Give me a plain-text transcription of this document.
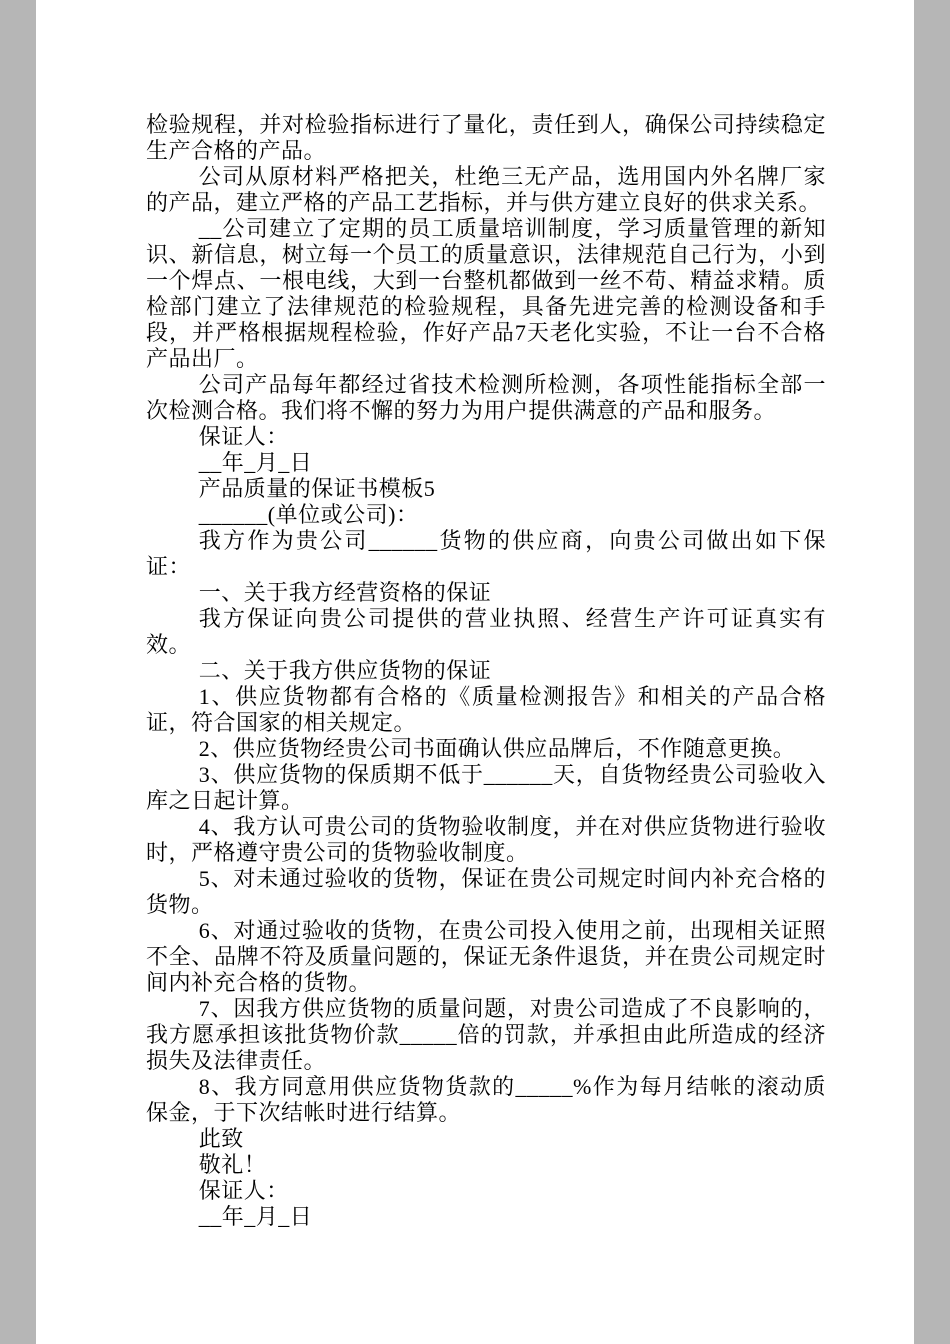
检验规程，并对检验指标进行了量化，责任到人，确保公司持续稳定生产合格的产品。

公司从原材料严格把关，杜绝三无产品，选用国内外名牌厂家的产品，建立严格的产品工艺指标，并与供方建立良好的供求关系。

__公司建立了定期的员工质量培训制度，学习质量管理的新知识、新信息，树立每一个员工的质量意识，法律规范自己行为，小到一个焊点、一根电线，大到一台整机都做到一丝不苟、精益求精。质检部门建立了法律规范的检验规程，具备先进完善的检测设备和手段，并严格根据规程检验，作好产品7天老化实验，不让一台不合格产品出厂。

公司产品每年都经过省技术检测所检测，各项性能指标全部一次检测合格。我们将不懈的努力为用户提供满意的产品和服务。

保证人：

__年_月_日

产品质量的保证书模板5

______(单位或公司)：

我方作为贵公司______货物的供应商，向贵公司做出如下保证：

一、关于我方经营资格的保证

我方保证向贵公司提供的营业执照、经营生产许可证真实有效。

二、关于我方供应货物的保证

1、供应货物都有合格的《质量检测报告》和相关的产品合格证，符合国家的相关规定。

2、供应货物经贵公司书面确认供应品牌后，不作随意更换。

3、供应货物的保质期不低于______天，自货物经贵公司验收入库之日起计算。

4、我方认可贵公司的货物验收制度，并在对供应货物进行验收时，严格遵守贵公司的货物验收制度。

5、对未通过验收的货物，保证在贵公司规定时间内补充合格的货物。

6、对通过验收的货物，在贵公司投入使用之前，出现相关证照不全、品牌不符及质量问题的，保证无条件退货，并在贵公司规定时间内补充合格的货物。

7、因我方供应货物的质量问题，对贵公司造成了不良影响的，我方愿承担该批货物价款_____倍的罚款，并承担由此所造成的经济损失及法律责任。

8、我方同意用供应货物货款的_____%作为每月结帐的滚动质保金，于下次结帐时进行结算。

此致

敬礼！

保证人：

__年_月_日
